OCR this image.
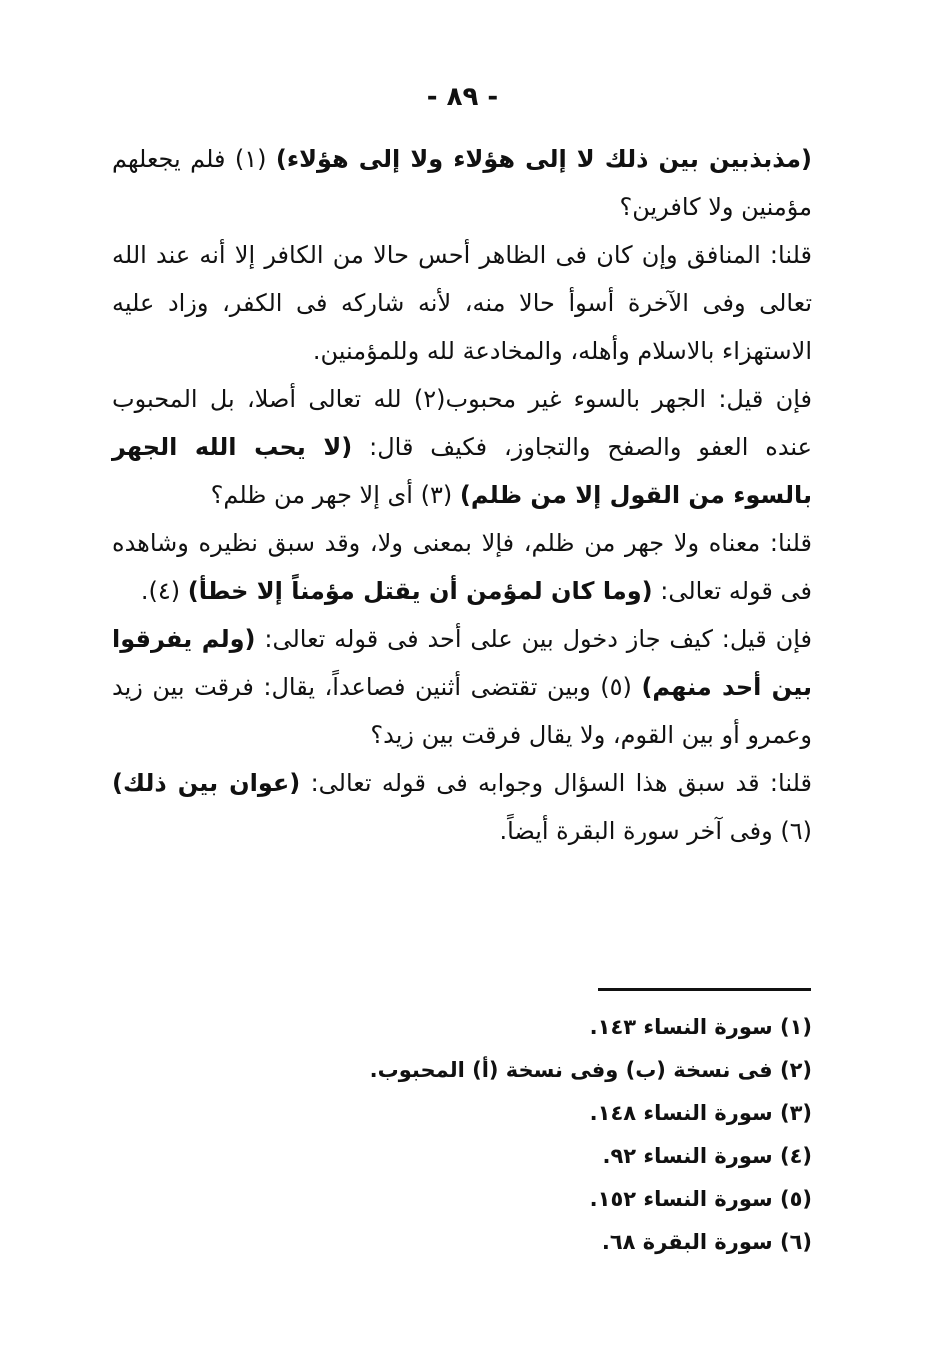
- ٨٩ -

(مذبذبين بين ذلك لا إلى هؤلاء ولا إلى هؤلاء) (١) فلم يجعلهم مؤمنين ولا كافرين؟

قلنا: المنافق وإن كان فى الظاهر أحس حالا من الكافر إلا أنه عند الله تعالى وفى الآخرة أسوأ حالا منه، لأنه شاركه فى الكفر، وزاد عليه الاستهزاء بالاسلام وأهله، والمخادعة لله وللمؤمنين.

فإن قيل: الجهر بالسوء غير محبوب(٢) لله تعالى أصلا، بل المحبوب عنده العفو والصفح والتجاوز، فكيف قال: (لا يحب الله الجهر بالسوء من القول إلا من ظلم) (٣) أى إلا جهر من ظلم؟

قلنا: معناه ولا جهر من ظلم، فإلا بمعنى ولا، وقد سبق نظيره وشاهده فى قوله تعالى: (وما كان لمؤمن أن يقتل مؤمناً إلا خطأ) (٤).

فإن قيل: كيف جاز دخول بين على أحد فى قوله تعالى: (ولم يفرقوا بين أحد منهم) (٥) وبين تقتضى أثنين فصاعداً، يقال: فرقت بين زيد وعمرو أو بين القوم، ولا يقال فرقت بين زيد؟

قلنا: قد سبق هذا السؤال وجوابه فى قوله تعالى: (عوان بين ذلك) (٦) وفى آخر سورة البقرة أيضاً.

(١) سورة النساء ١٤٣.
(٢) فى نسخة (ب) وفى نسخة (أ) المحبوب.
(٣) سورة النساء ١٤٨.
(٤) سورة النساء ٩٢.
(٥) سورة النساء ١٥٢.
(٦) سورة البقرة ٦٨.
